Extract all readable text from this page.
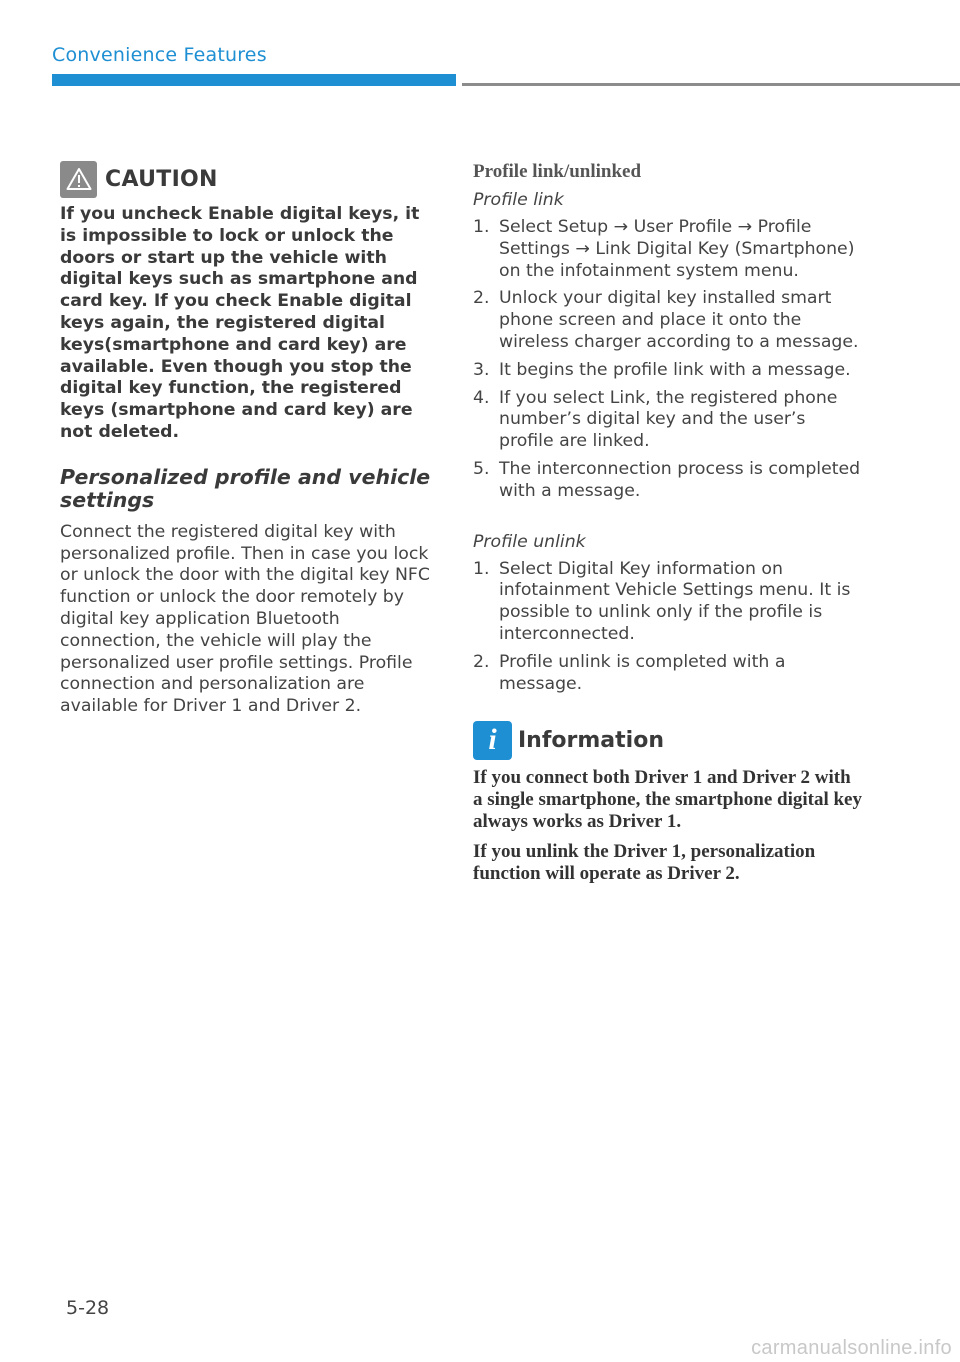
Convenience Features
CAUTION
If you uncheck Enable digital keys, it is impossible to lock or unlock the doors or start up the vehicle with digital keys such as smartphone and card key. If you check Enable digital keys again, the registered digital keys(smartphone and card key) are available. Even though you stop the digital key function, the registered keys (smartphone and card key) are not deleted.
Personalized profile and vehicle settings
Connect the registered digital key with personalized profile. Then in case you lock or unlock the door with the digital key NFC function or unlock the door remotely by digital key application Bluetooth connection, the vehicle will play the personalized user profile settings. Profile connection and personalization are available for Driver 1 and Driver 2.
Profile link/unlinked
Profile link
1. Select Setup → User Profile → Profile Settings → Link Digital Key (Smartphone) on the infotainment system menu.
2. Unlock your digital key installed smart phone screen and place it onto the wireless charger according to a message.
3. It begins the profile link with a message.
4. If you select Link, the registered phone number’s digital key and the user’s profile are linked.
5. The interconnection process is completed with a message.
Profile unlink
1. Select Digital Key information on infotainment Vehicle Settings menu. It is possible to unlink only if the profile is interconnected.
2. Profile unlink is completed with a message.
i Information
If you connect both Driver 1 and Driver 2 with a single smartphone, the smartphone digital key always works as Driver 1.
If you unlink the Driver 1, personalization function will operate as Driver 2.
5-28
carmanualsonline.info
